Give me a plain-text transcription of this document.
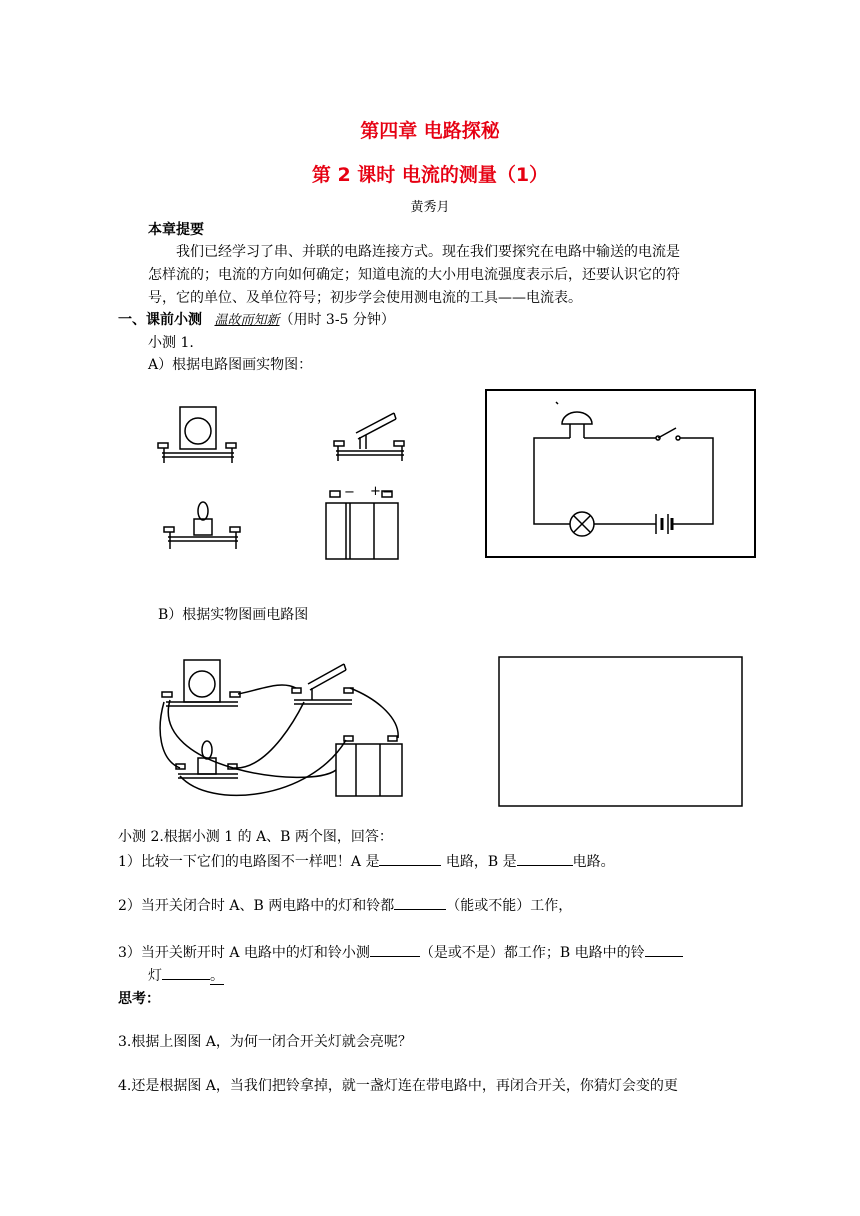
第四章 电路探秘
第 2 课时 电流的测量（1）
黄秀月
本章提要
我们已经学习了串、并联的电路连接方式。现在我们要探究在电路中输送的电流是
怎样流的；电流的方向如何确定；知道电流的大小用电流强度表示后，还要认识它的符
号，它的单位、及单位符号；初步学会使用测电流的工具——电流表。
一、课前小测 温故而知新（用时 3-5 分钟）
小测 1.
A）根据电路图画实物图：
− + −
B）根据实物图画电路图
小测 2.根据小测 1 的 A、B 两个图，回答：
1）比较一下它们的电路图不一样吧！A 是	电路，B 是	电路。
2）当开关闭合时 A、B 两电路中的灯和铃都	（能或不能）工作，
3）当开关断开时 A 电路中的灯和铃小测	（是或不是）都工作；B 电路中的铃
灯	。
思考：
3.根据上图图 A，为何一闭合开关灯就会亮呢？
4.还是根据图 A，当我们把铃拿掉，就一盏灯连在带电路中，再闭合开关，你猜灯会变的更
